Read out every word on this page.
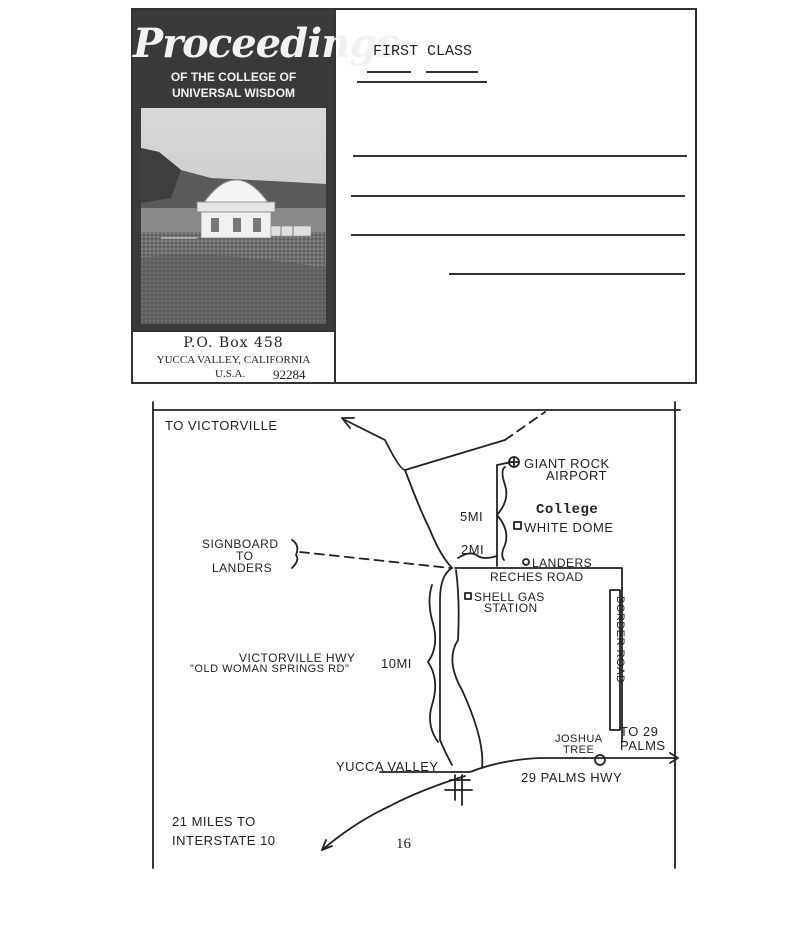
Proceedings
OF THE COLLEGE OF
UNIVERSAL WISDOM
P.O. Box 458
YUCCA VALLEY, CALIFORNIA
U.S.A. 92284
FIRST CLASS
TO VICTORVILLE
GIANT ROCK
AIRPORT
5MI	College
WHITE DOME
SIGNBOARD
TO
LANDERS
2MI
LANDERS
RECHES ROAD
SHELL GAS
STATION	BORDER ROAD
VICTORVILLE HWY
"OLD WOMAN SPRINGS RD" 10MI
JOSHUA
TREE
TO 29
PALMS
YUCCA VALLEY
29 PALMS HWY
21 MILES TO
INTERSTATE 10	16
